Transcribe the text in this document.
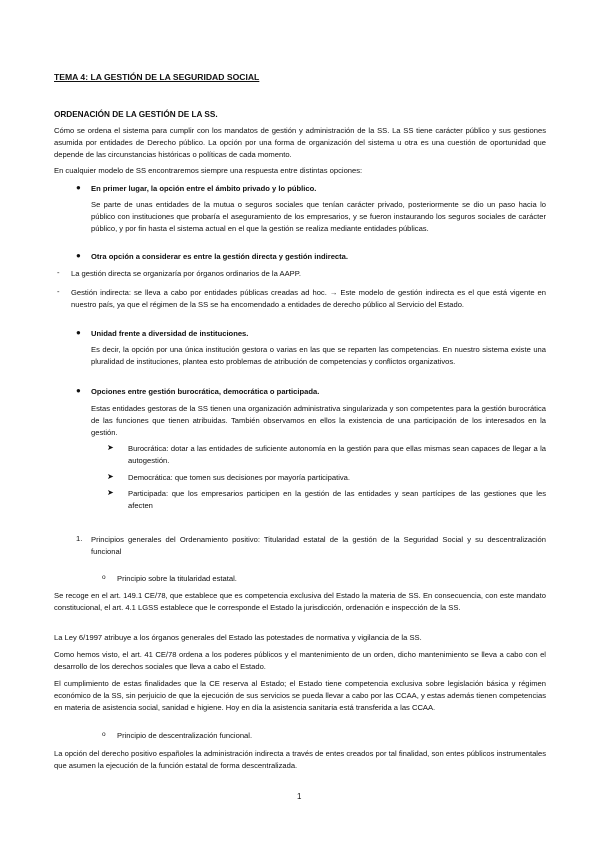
TEMA 4: LA GESTIÓN DE LA SEGURIDAD SOCIAL
ORDENACIÓN DE LA GESTIÓN DE LA SS.

Cómo se ordena el sistema para cumplir con los mandatos de gestión y administración de la SS. La SS tiene carácter público y sus gestiones asumida por entidades de Derecho público. La opción por una forma de organización del sistema u otra es una cuestión de oportunidad que depende de las circunstancias históricas o políticas de cada momento.

En cualquier modelo de SS encontraremos siempre una respuesta entre distintas opciones:

● En primer lugar, la opción entre el ámbito privado y lo público.

Se parte de unas entidades de la mutua o seguros sociales que tenían carácter privado, posteriormente se dio un paso hacia lo público con instituciones que probaría el aseguramiento de los empresarios, y se fueron instaurando los seguros sociales de carácter público, y por fin hasta el sistema actual en el que la gestión se realiza mediante entidades públicas.

● Otra opción a considerar es entre la gestión directa y gestión indirecta.

- La gestión directa se organizaría por órganos ordinarios de la AAPP.

- Gestión indirecta: se lleva a cabo por entidades públicas creadas ad hoc. → Este modelo de gestión indirecta es el que está vigente en nuestro país, ya que el régimen de la SS se ha encomendado a entidades de derecho público al Servicio del Estado.

● Unidad frente a diversidad de instituciones.

Es decir, la opción por una única institución gestora o varias en las que se reparten las competencias. En nuestro sistema existe una pluralidad de instituciones, plantea esto problemas de atribución de competencias y conflictos organizativos.

● Opciones entre gestión burocrática, democrática o participada.

Estas entidades gestoras de la SS tienen una organización administrativa singularizada y son competentes para la gestión burocrática de las funciones que tienen atribuidas. También observamos en ellos la existencia de una participación de los interesados en la gestión.

➤ Burocrática: dotar a las entidades de suficiente autonomía en la gestión para que ellas mismas sean capaces de llegar a la autogestión.

➤ Democrática: que tomen sus decisiones por mayoría participativa.

➤ Participada: que los empresarios participen en la gestión de las entidades y sean partícipes de las gestiones que les afecten

1. Principios generales del Ordenamiento positivo: Titularidad estatal de la gestión de la Seguridad Social y su descentralización funcional

o Principio sobre la titularidad estatal.

Se recoge en el art. 149.1 CE/78, que establece que es competencia exclusiva del Estado la materia de SS. En consecuencia, con este mandato constitucional, el art. 4.1 LGSS establece que le corresponde el Estado la jurisdicción, ordenación e inspección de la SS.

La Ley 6/1997 atribuye a los órganos generales del Estado las potestades de normativa y vigilancia de la SS.

Como hemos visto, el art. 41 CE/78 ordena a los poderes públicos y el mantenimiento de un orden, dicho mantenimiento se lleva a cabo con el desarrollo de los derechos sociales que lleva a cabo el Estado.

El cumplimiento de estas finalidades que la CE reserva al Estado; el Estado tiene competencia exclusiva sobre legislación básica y régimen económico de la SS, sin perjuicio de que la ejecución de sus servicios se pueda llevar a cabo por las CCAA, y estas además tienen competencias en materia de asistencia social, sanidad e higiene. Hoy en día la asistencia sanitaria está transferida a las CCAA.

o Principio de descentralización funcional.

La opción del derecho positivo españoles la administración indirecta a través de entes creados por tal finalidad, son entes públicos instrumentales que asumen la ejecución de la función estatal de forma descentralizada.

1
